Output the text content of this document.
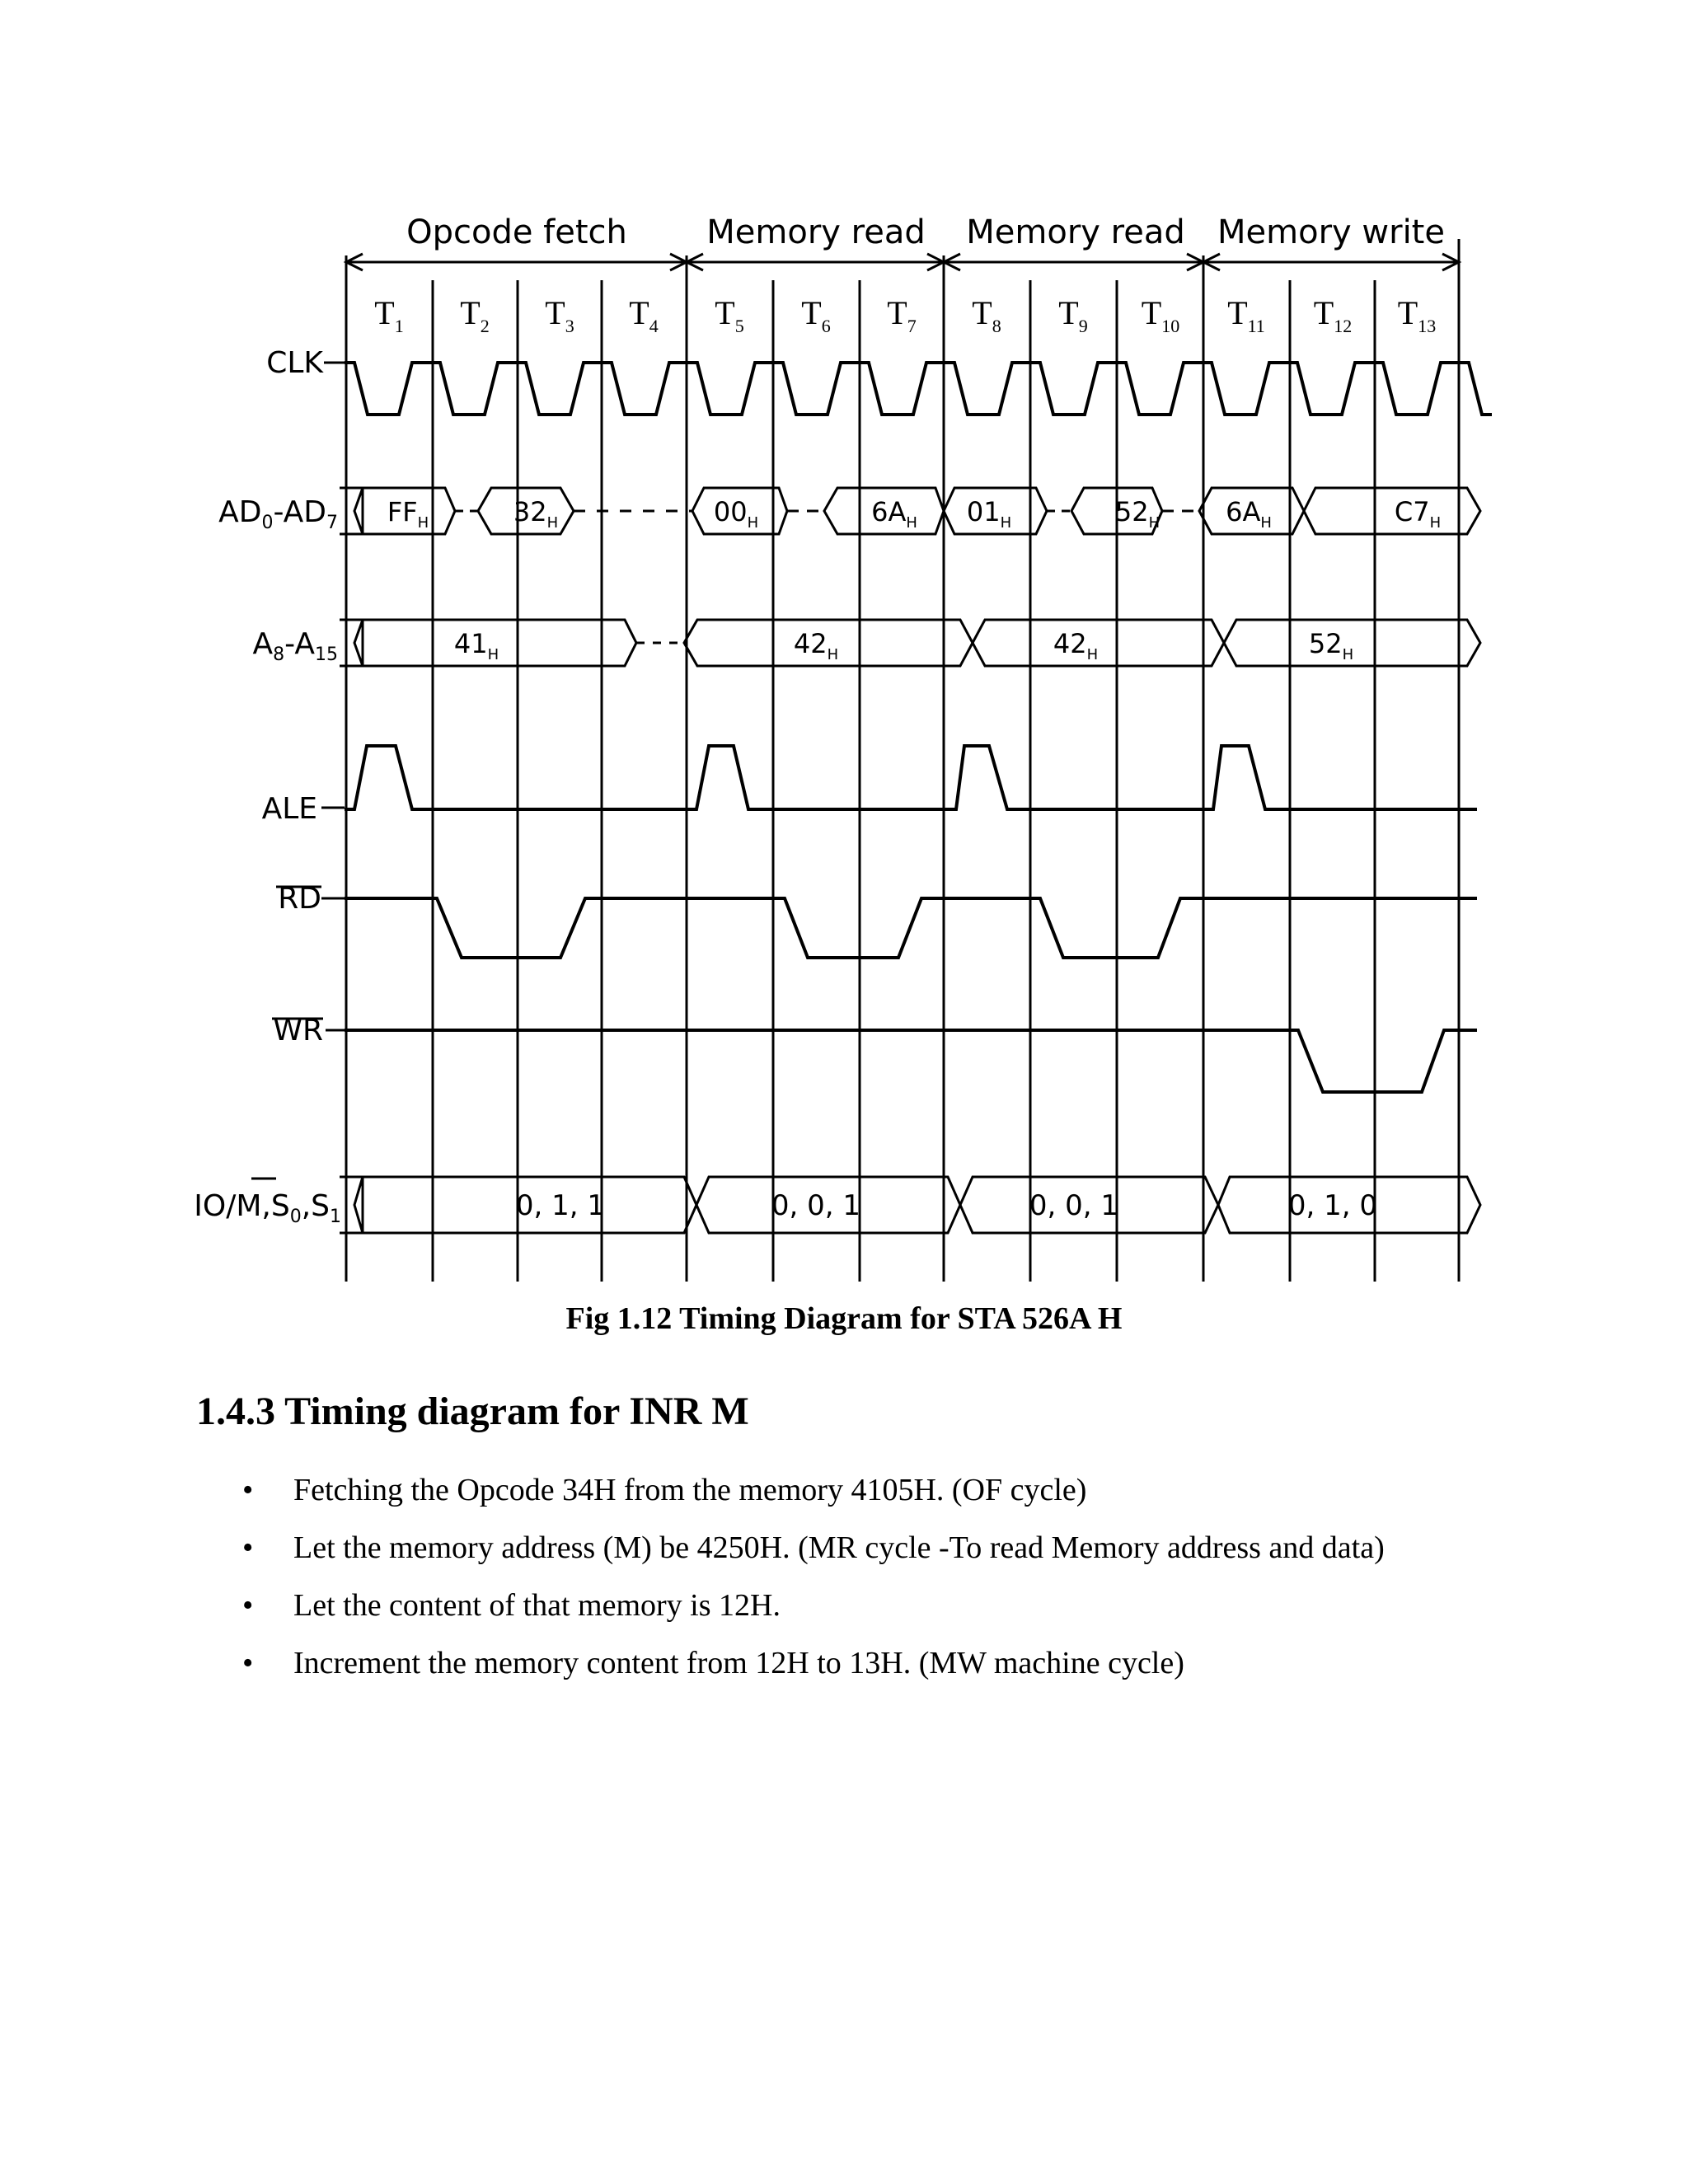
Opcode fetch Memory read Memory read Memory write
$T_1$ $T_2$ $T_3$ $T_4$ $T_5$ $T_6$ $T_7$ $T_8$ $T_9$ $T_{10}$ $T_{11}$ $T_{12}$ $T_{13}$
CLK
$AD_0-AD_7$
$A_8-A_{15}$
ALE
RD
WR
$IO/M,S_0,S_1$
$FF_H$	$32_H$	$00_H$	$6A_H$ $01_H$	$52_H$ $6A_H$	$C7_H$
$41_H$	$42_H$	$42_H$	$52_H$
0, 1, 1	0, 0, 1	0, 0, 1	0, 1, 0
Fig 1.12 Timing Diagram for STA 526A H
1.4.3 Timing diagram for INR M
• Fetching the Opcode 34H from the memory 4105H. (OF cycle)
• Let the memory address (M) be 4250H. (MR cycle -To read Memory address and data)
• Let the content of that memory is 12H.
• Increment the memory content from 12H to 13H. (MW machine cycle)
